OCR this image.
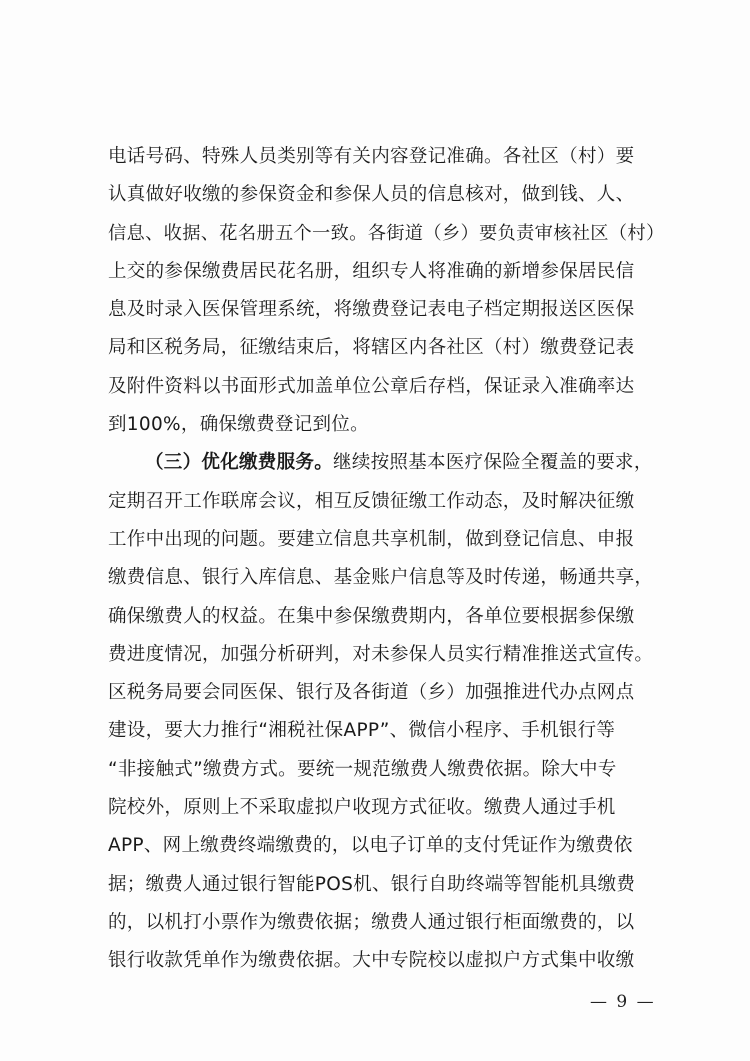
电话号码、特殊人员类别等有关内容登记准确。各社区（村）要
认真做好收缴的参保资金和参保人员的信息核对，做到钱、人、
信息、收据、花名册五个一致。各街道（乡）要负责审核社区（村）
上交的参保缴费居民花名册，组织专人将准确的新增参保居民信
息及时录入医保管理系统，将缴费登记表电子档定期报送区医保
局和区税务局，征缴结束后，将辖区内各社区（村）缴费登记表
及附件资料以书面形式加盖单位公章后存档，保证录入准确率达
到100%，确保缴费登记到位。
（三）优化缴费服务。继续按照基本医疗保险全覆盖的要求，
定期召开工作联席会议，相互反馈征缴工作动态，及时解决征缴
工作中出现的问题。要建立信息共享机制，做到登记信息、申报
缴费信息、银行入库信息、基金账户信息等及时传递，畅通共享，
确保缴费人的权益。在集中参保缴费期内，各单位要根据参保缴
费进度情况，加强分析研判，对未参保人员实行精准推送式宣传。
区税务局要会同医保、银行及各街道（乡）加强推进代办点网点
建设，要大力推行“湘税社保APP”、微信小程序、手机银行等
“非接触式”缴费方式。要统一规范缴费人缴费依据。除大中专
院校外，原则上不采取虚拟户收现方式征收。缴费人通过手机
APP、网上缴费终端缴费的，以电子订单的支付凭证作为缴费依
据；缴费人通过银行智能POS机、银行自助终端等智能机具缴费
的，以机打小票作为缴费依据；缴费人通过银行柜面缴费的，以
银行收款凭单作为缴费依据。大中专院校以虚拟户方式集中收缴
— 9 —
